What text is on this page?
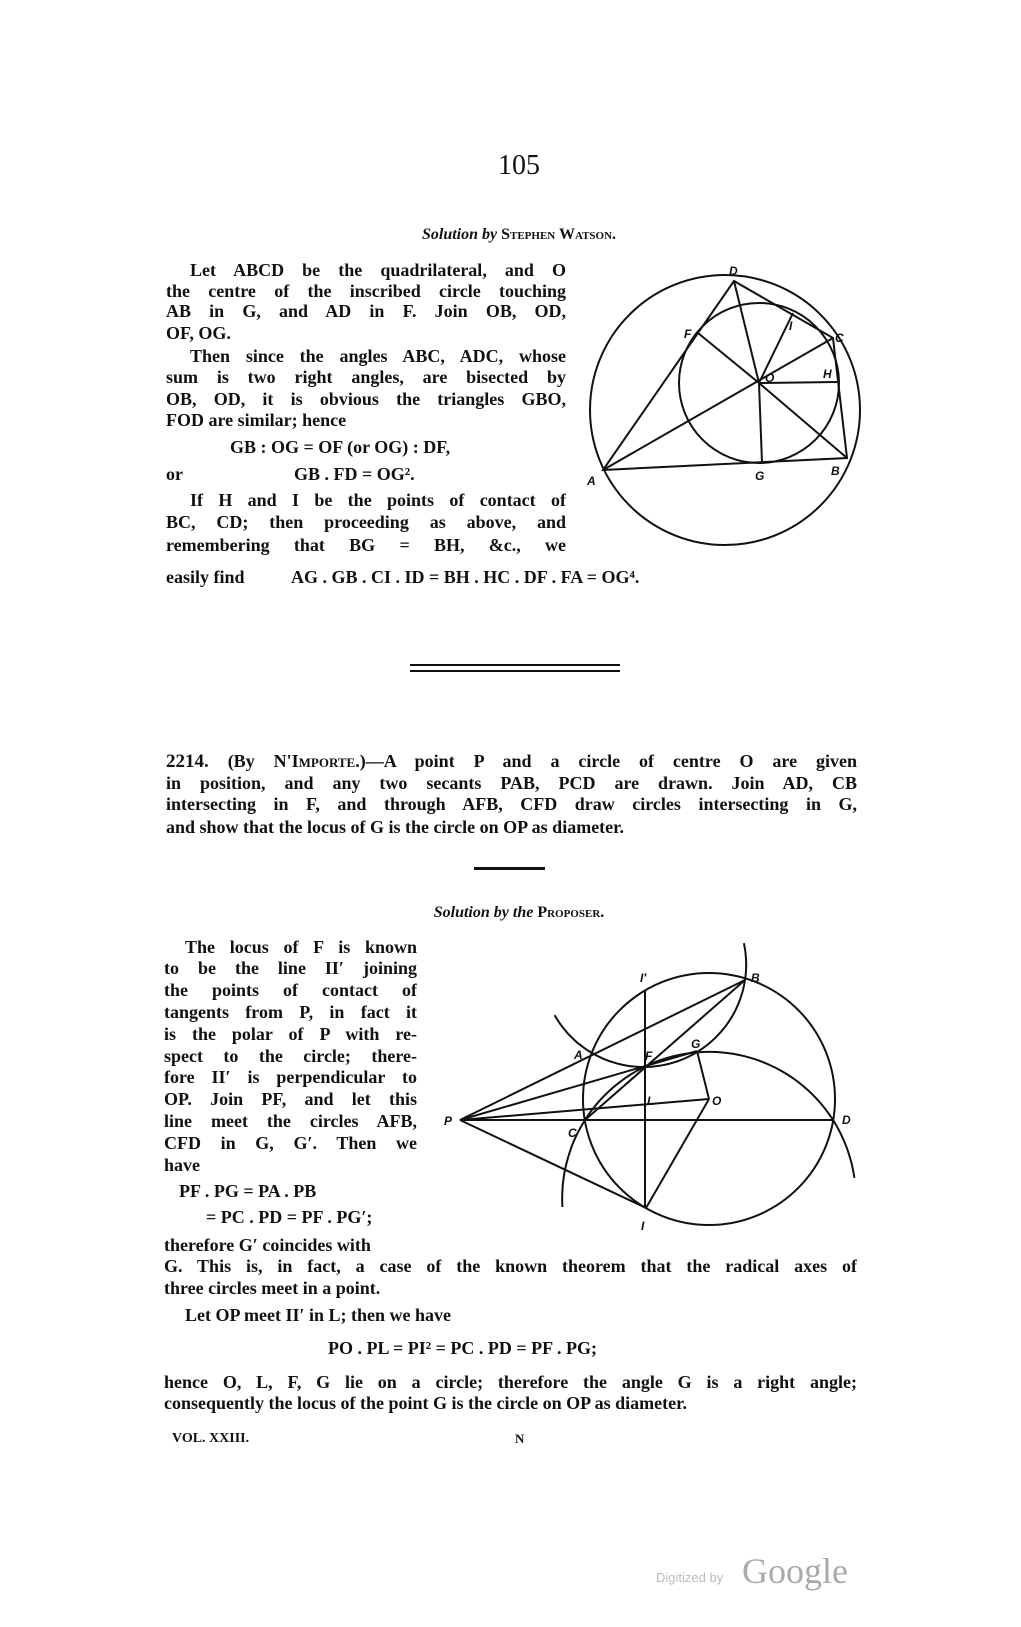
105
Solution by Stephen Watson.
Let ABCD be the quadrilateral, and O
the centre of the inscribed circle touching
AB in G, and AD in F. Join OB, OD,
OF, OG.
Then since the angles ABC, ADC, whose
sum is two right angles, are bisected by
OB, OD, it is obvious the triangles GBO,
FOD are similar; hence
GB : OG = OF (or OG) : DF,
or	GB . FD = OG².
If H and I be the points of contact of
BC, CD; then proceeding as above, and
remembering that BG = BH, &c., we
easily find	AG . GB . CI . ID = BH . HC . DF . FA = OG⁴.
2214. (By N'Importe.)—A point P and a circle of centre O are given
in position, and any two secants PAB, PCD are drawn. Join AD, CB
intersecting in F, and through AFB, CFD draw circles intersecting in G,
and show that the locus of G is the circle on OP as diameter.
Solution by the Proposer.
The locus of F is known
to be the line II′ joining
the points of contact of
tangents from P, in fact it
is the polar of P with re-
spect to the circle; there-
fore II′ is perpendicular to
OP. Join PF, and let this
line meet the circles AFB,
CFD in G, G′. Then we
have
PF . PG = PA . PB
= PC . PD = PF . PG′;
therefore G′ coincides with
G. This is, in fact, a case of the known theorem that the radical axes of
three circles meet in a point.
Let OP meet II′ in L; then we have
PO . PL = PI² = PC . PD = PF . PG;
hence O, L, F, G lie on a circle; therefore the angle G is a right angle;
consequently the locus of the point G is the circle on OP as diameter.
VOL. XXIII.	N
Digitized by Google
D
F
I
C
O	H
G	B
A
I′	B
A	F
G
L	O
P
C
D
I
